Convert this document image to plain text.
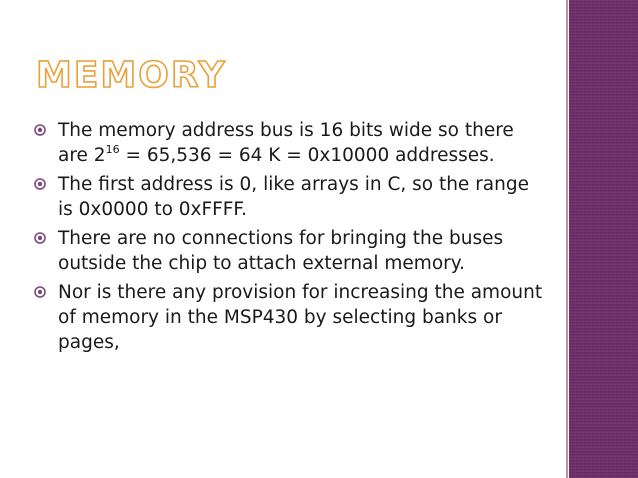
MEMORY
The memory address bus is 16 bits wide so there are $2^{16} = 65,536 = 64$ K = 0x10000 addresses.
The first address is 0, like arrays in C, so the range is 0x0000 to 0xFFFF.
There are no connections for bringing the buses outside the chip to attach external memory.
Nor is there any provision for increasing the amount of memory in the MSP430 by selecting banks or pages,
